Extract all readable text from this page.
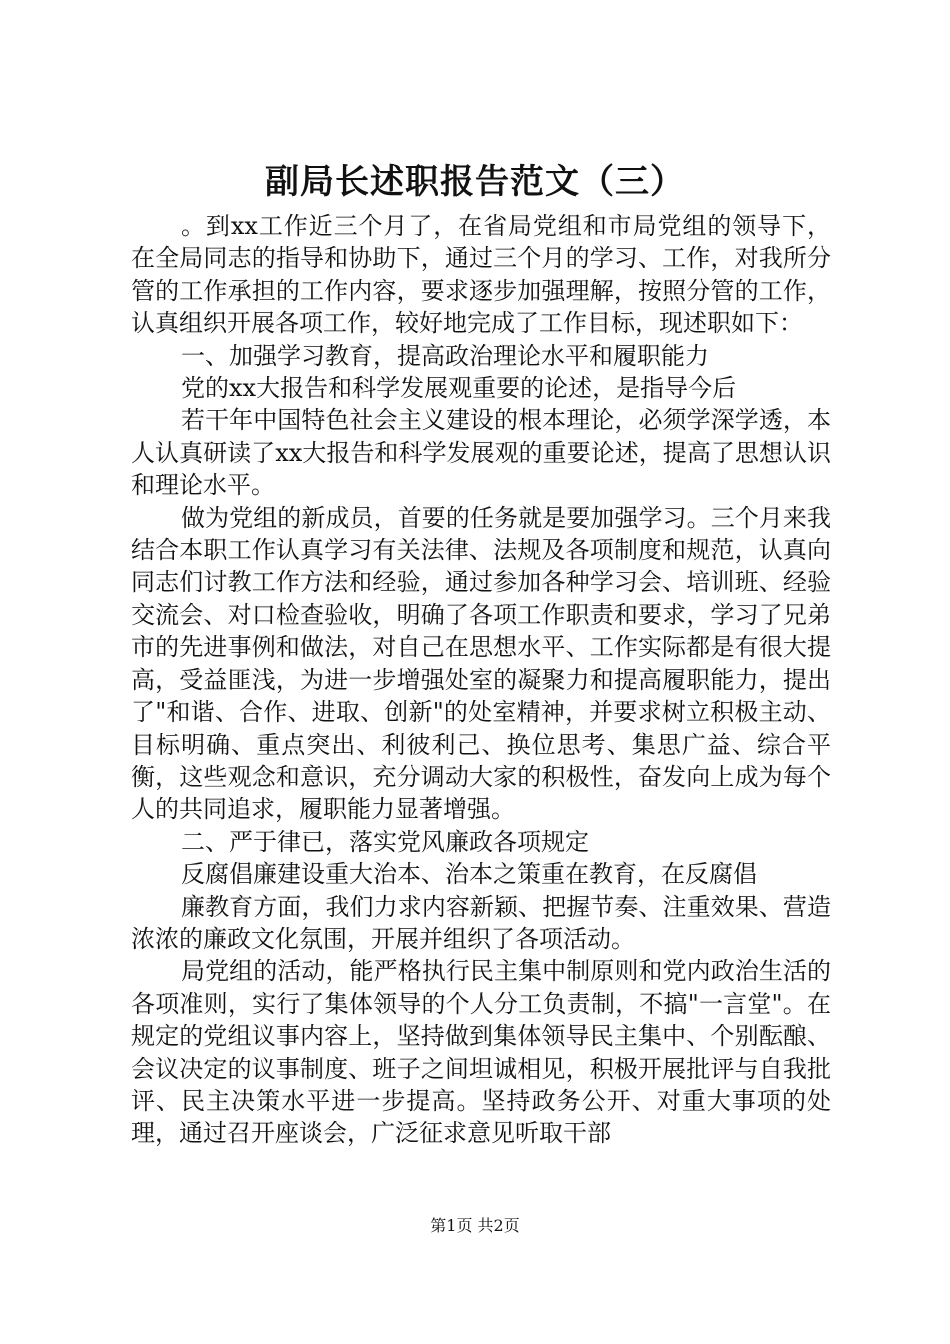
副局长述职报告范文（三）

。到xx工作近三个月了，在省局党组和市局党组的领导下，在全局同志的指导和协助下，通过三个月的学习、工作，对我所分管的工作承担的工作内容，要求逐步加强理解，按照分管的工作，认真组织开展各项工作，较好地完成了工作目标，现述职如下：

一、加强学习教育，提高政治理论水平和履职能力

党的xx大报告和科学发展观重要的论述，是指导今后

若干年中国特色社会主义建设的根本理论，必须学深学透，本人认真研读了xx大报告和科学发展观的重要论述，提高了思想认识和理论水平。

做为党组的新成员，首要的任务就是要加强学习。三个月来我结合本职工作认真学习有关法律、法规及各项制度和规范，认真向同志们讨教工作方法和经验，通过参加各种学习会、培训班、经验交流会、对口检查验收，明确了各项工作职责和要求，学习了兄弟市的先进事例和做法，对自己在思想水平、工作实际都是有很大提高，受益匪浅，为进一步增强处室的凝聚力和提高履职能力，提出了"和谐、合作、进取、创新"的处室精神，并要求树立积极主动、目标明确、重点突出、利彼利己、换位思考、集思广益、综合平衡，这些观念和意识，充分调动大家的积极性，奋发向上成为每个人的共同追求，履职能力显著增强。

二、严于律已，落实党风廉政各项规定

反腐倡廉建设重大治本、治本之策重在教育，在反腐倡

廉教育方面，我们力求内容新颖、把握节奏、注重效果、营造浓浓的廉政文化氛围，开展并组织了各项活动。

局党组的活动，能严格执行民主集中制原则和党内政治生活的各项准则，实行了集体领导的个人分工负责制，不搞"一言堂"。在规定的党组议事内容上，坚持做到集体领导民主集中、个别酝酿、会议决定的议事制度、班子之间坦诚相见，积极开展批评与自我批评、民主决策水平进一步提高。坚持政务公开、对重大事项的处理，通过召开座谈会，广泛征求意见听取干部

第1页 共2页
